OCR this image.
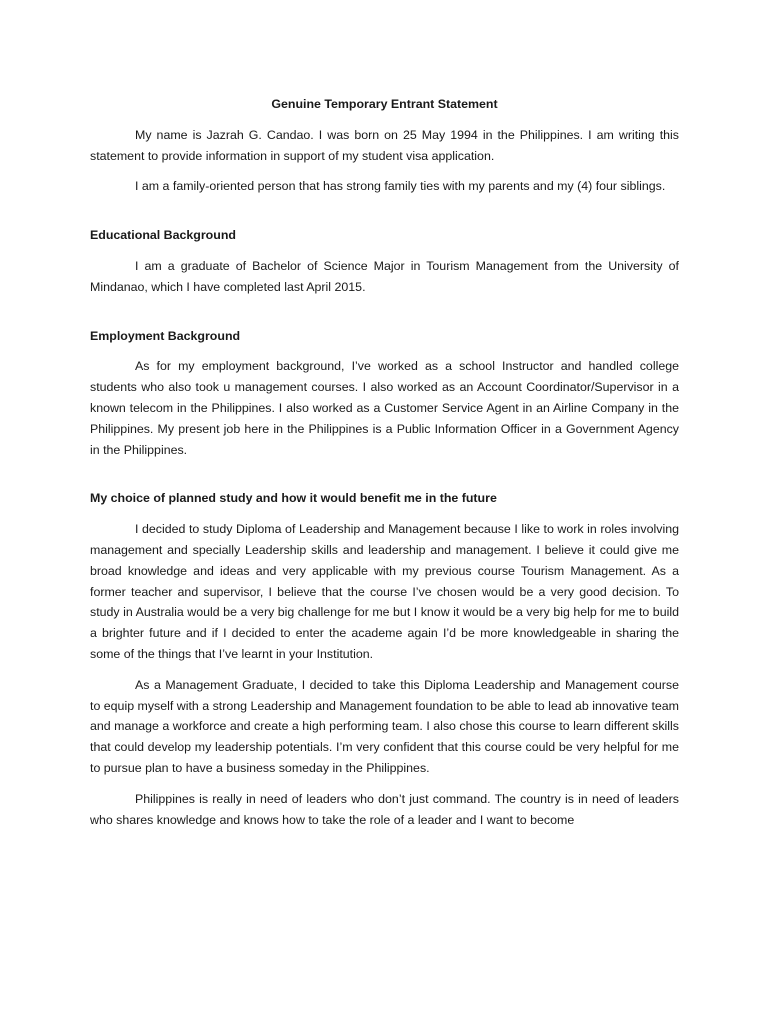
Genuine Temporary Entrant Statement

My name is Jazrah G. Candao. I was born on 25 May 1994 in the Philippines. I am writing this statement to provide information in support of my student visa application.

I am a family-oriented person that has strong family ties with my parents and my (4) four siblings.

Educational Background

I am a graduate of Bachelor of Science Major in Tourism Management from the University of Mindanao, which I have completed last April 2015.

Employment Background

As for my employment background, I’ve worked as a school Instructor and handled college students who also took u management courses. I also worked as an Account Coordinator/Supervisor in a known telecom in the Philippines. I also worked as a Customer Service Agent in an Airline Company in the Philippines. My present job here in the Philippines is a Public Information Officer in a Government Agency in the Philippines.

My choice of planned study and how it would benefit me in the future

I decided to study Diploma of Leadership and Management because I like to work in roles involving management and specially Leadership skills and leadership and management. I believe it could give me broad knowledge and ideas and very applicable with my previous course Tourism Management. As a former teacher and supervisor, I believe that the course I’ve chosen would be a very good decision. To study in Australia would be a very big challenge for me but I know it would be a very big help for me to build a brighter future and if I decided to enter the academe again I’d be more knowledgeable in sharing the some of the things that I’ve learnt in your Institution.

As a Management Graduate, I decided to take this Diploma Leadership and Management course to equip myself with a strong Leadership and Management foundation to be able to lead ab innovative team and manage a workforce and create a high performing team. I also chose this course to learn different skills that could develop my leadership potentials. I’m very confident that this course could be very helpful for me to pursue plan to have a business someday in the Philippines.

Philippines is really in need of leaders who don’t just command. The country is in need of leaders who shares knowledge and knows how to take the role of a leader and I want to become
